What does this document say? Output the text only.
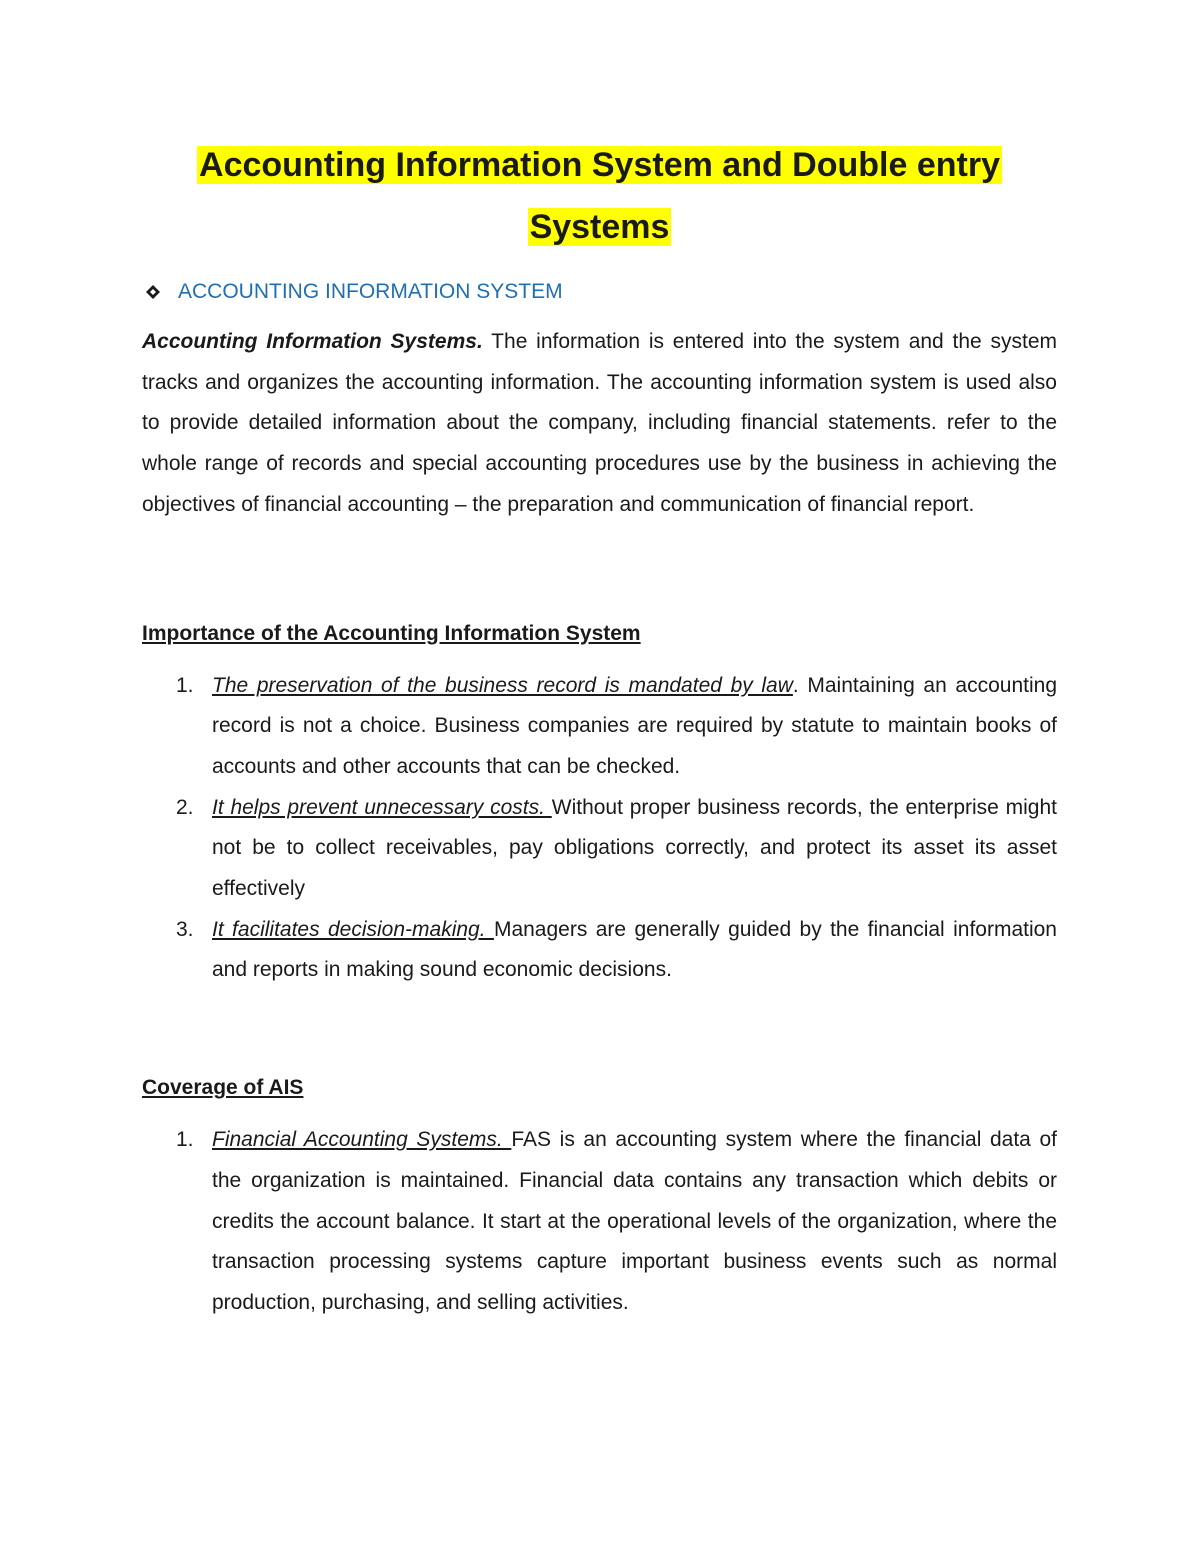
Accounting Information System and Double entry
Systems
ACCOUNTING INFORMATION SYSTEM

Accounting Information Systems. The information is entered into the system and the system tracks and organizes the accounting information. The accounting information system is used also to provide detailed information about the company, including financial statements. refer to the whole range of records and special accounting procedures use by the business in achieving the objectives of financial accounting – the preparation and communication of financial report.

Importance of the Accounting Information System

1. The preservation of the business record is mandated by law. Maintaining an accounting record is not a choice. Business companies are required by statute to maintain books of accounts and other accounts that can be checked.
2. It helps prevent unnecessary costs. Without proper business records, the enterprise might not be to collect receivables, pay obligations correctly, and protect its asset its asset effectively
3. It facilitates decision-making. Managers are generally guided by the financial information and reports in making sound economic decisions.

Coverage of AIS

1. Financial Accounting Systems. FAS is an accounting system where the financial data of the organization is maintained. Financial data contains any transaction which debits or credits the account balance. It start at the operational levels of the organization, where the transaction processing systems capture important business events such as normal production, purchasing, and selling activities.
